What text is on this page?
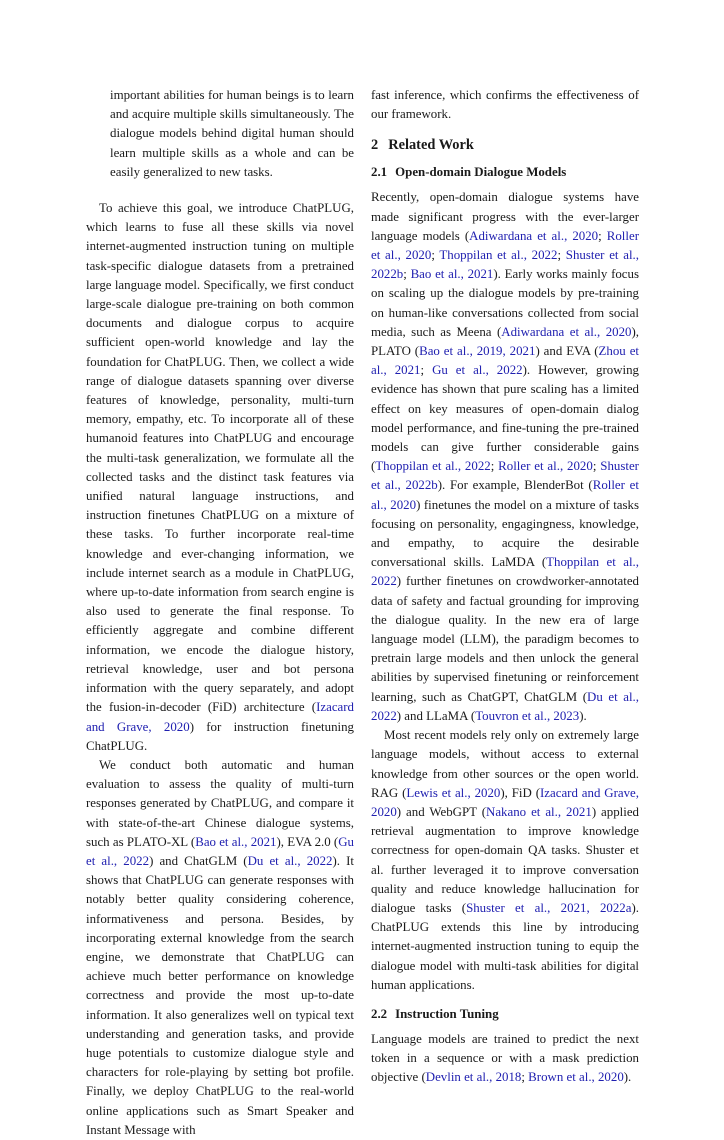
important abilities for human beings is to learn and acquire multiple skills simultaneously. The dialogue models behind digital human should learn multiple skills as a whole and can be easily generalized to new tasks.

To achieve this goal, we introduce ChatPLUG, which learns to fuse all these skills via novel internet-augmented instruction tuning on multiple task-specific dialogue datasets from a pretrained large language model. Specifically, we first conduct large-scale dialogue pre-training on both common documents and dialogue corpus to acquire sufficient open-world knowledge and lay the foundation for ChatPLUG. Then, we collect a wide range of dialogue datasets spanning over diverse features of knowledge, personality, multi-turn memory, empathy, etc. To incorporate all of these humanoid features into ChatPLUG and encourage the multi-task generalization, we formulate all the collected tasks and the distinct task features via unified natural language instructions, and instruction finetunes ChatPLUG on a mixture of these tasks. To further incorporate real-time knowledge and ever-changing information, we include internet search as a module in ChatPLUG, where up-to-date information from search engine is also used to generate the final response. To efficiently aggregate and combine different information, we encode the dialogue history, retrieval knowledge, user and bot persona information with the query separately, and adopt the fusion-in-decoder (FiD) architecture (Izacard and Grave, 2020) for instruction finetuning ChatPLUG.

We conduct both automatic and human evaluation to assess the quality of multi-turn responses generated by ChatPLUG, and compare it with state-of-the-art Chinese dialogue systems, such as PLATO-XL (Bao et al., 2021), EVA 2.0 (Gu et al., 2022) and ChatGLM (Du et al., 2022). It shows that ChatPLUG can generate responses with notably better quality considering coherence, informativeness and persona. Besides, by incorporating external knowledge from the search engine, we demonstrate that ChatPLUG can achieve much better performance on knowledge correctness and provide the most up-to-date information. It also generalizes well on typical text understanding and generation tasks, and provide huge potentials to customize dialogue style and characters for role-playing by setting bot profile. Finally, we deploy ChatPLUG to the real-world online applications such as Smart Speaker and Instant Message with

fast inference, which confirms the effectiveness of our framework.

2 Related Work
2.1 Open-domain Dialogue Models

Recently, open-domain dialogue systems have made significant progress with the ever-larger language models (Adiwardana et al., 2020; Roller et al., 2020; Thoppilan et al., 2022; Shuster et al., 2022b; Bao et al., 2021). Early works mainly focus on scaling up the dialogue models by pre-training on human-like conversations collected from social media, such as Meena (Adiwardana et al., 2020), PLATO (Bao et al., 2019, 2021) and EVA (Zhou et al., 2021; Gu et al., 2022). However, growing evidence has shown that pure scaling has a limited effect on key measures of open-domain dialog model performance, and fine-tuning the pre-trained models can give further considerable gains (Thoppilan et al., 2022; Roller et al., 2020; Shuster et al., 2022b). For example, BlenderBot (Roller et al., 2020) finetunes the model on a mixture of tasks focusing on personality, engagingness, knowledge, and empathy, to acquire the desirable conversational skills. LaMDA (Thoppilan et al., 2022) further finetunes on crowdworker-annotated data of safety and factual grounding for improving the dialogue quality. In the new era of large language model (LLM), the paradigm becomes to pretrain large models and then unlock the general abilities by supervised finetuning or reinforcement learning, such as ChatGPT, ChatGLM (Du et al., 2022) and LLaMA (Touvron et al., 2023).

Most recent models rely only on extremely large language models, without access to external knowledge from other sources or the open world. RAG (Lewis et al., 2020), FiD (Izacard and Grave, 2020) and WebGPT (Nakano et al., 2021) applied retrieval augmentation to improve knowledge correctness for open-domain QA tasks. Shuster et al. further leveraged it to improve conversation quality and reduce knowledge hallucination for dialogue tasks (Shuster et al., 2021, 2022a). ChatPLUG extends this line by introducing internet-augmented instruction tuning to equip the dialogue model with multi-task abilities for digital human applications.

2.2 Instruction Tuning

Language models are trained to predict the next token in a sequence or with a mask prediction objective (Devlin et al., 2018; Brown et al., 2020).
